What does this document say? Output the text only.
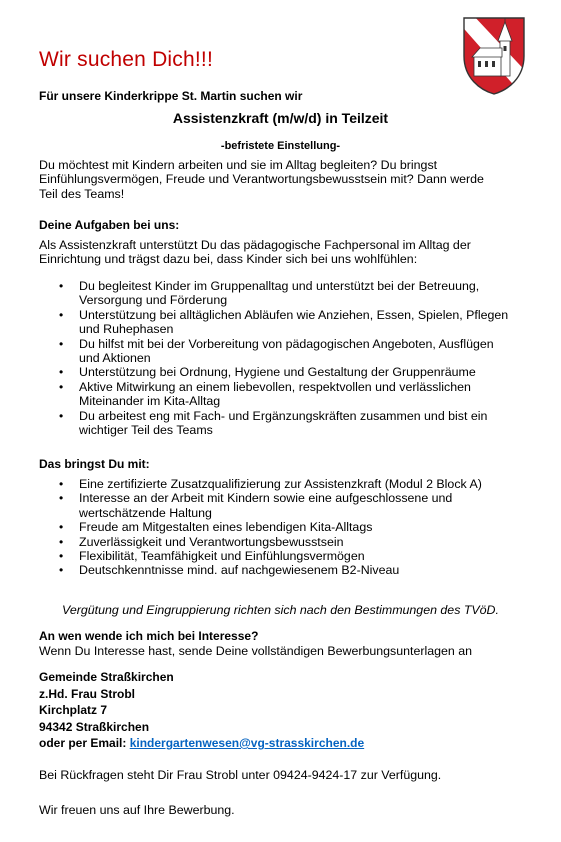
Wir suchen Dich!!!
Für unsere Kinderkrippe St. Martin suchen wir
Assistenzkraft (m/w/d) in Teilzeit
-befristete Einstellung-
Du möchtest mit Kindern arbeiten und sie im Alltag begleiten? Du bringst
Einfühlungsvermögen, Freude und Verantwortungsbewusstsein mit? Dann werde
Teil des Teams!
Deine Aufgaben bei uns:
Als Assistenzkraft unterstützt Du das pädagogische Fachpersonal im Alltag der
Einrichtung und trägst dazu bei, dass Kinder sich bei uns wohlfühlen:
• Du begleitest Kinder im Gruppenalltag und unterstützt bei der Betreuung,
Versorgung und Förderung
• Unterstützung bei alltäglichen Abläufen wie Anziehen, Essen, Spielen, Pflegen
und Ruhephasen
• Du hilfst mit bei der Vorbereitung von pädagogischen Angeboten, Ausflügen
und Aktionen
• Unterstützung bei Ordnung, Hygiene und Gestaltung der Gruppenräume
• Aktive Mitwirkung an einem liebevollen, respektvollen und verlässlichen
Miteinander im Kita-Alltag
• Du arbeitest eng mit Fach- und Ergänzungskräften zusammen und bist ein
wichtiger Teil des Teams
Das bringst Du mit:
• Eine zertifizierte Zusatzqualifizierung zur Assistenzkraft (Modul 2 Block A)
• Interesse an der Arbeit mit Kindern sowie eine aufgeschlossene und
wertschätzende Haltung
• Freude am Mitgestalten eines lebendigen Kita-Alltags
• Zuverlässigkeit und Verantwortungsbewusstsein
• Flexibilität, Teamfähigkeit und Einfühlungsvermögen
• Deutschkenntnisse mind. auf nachgewiesenem B2-Niveau
Vergütung und Eingruppierung richten sich nach den Bestimmungen des TVöD.
An wen wende ich mich bei Interesse?
Wenn Du Interesse hast, sende Deine vollständigen Bewerbungsunterlagen an
Gemeinde Straßkirchen
z.Hd. Frau Strobl
Kirchplatz 7
94342 Straßkirchen
oder per Email: kindergartenwesen@vg-strasskirchen.de
Bei Rückfragen steht Dir Frau Strobl unter 09424-9424-17 zur Verfügung.
Wir freuen uns auf Ihre Bewerbung.
